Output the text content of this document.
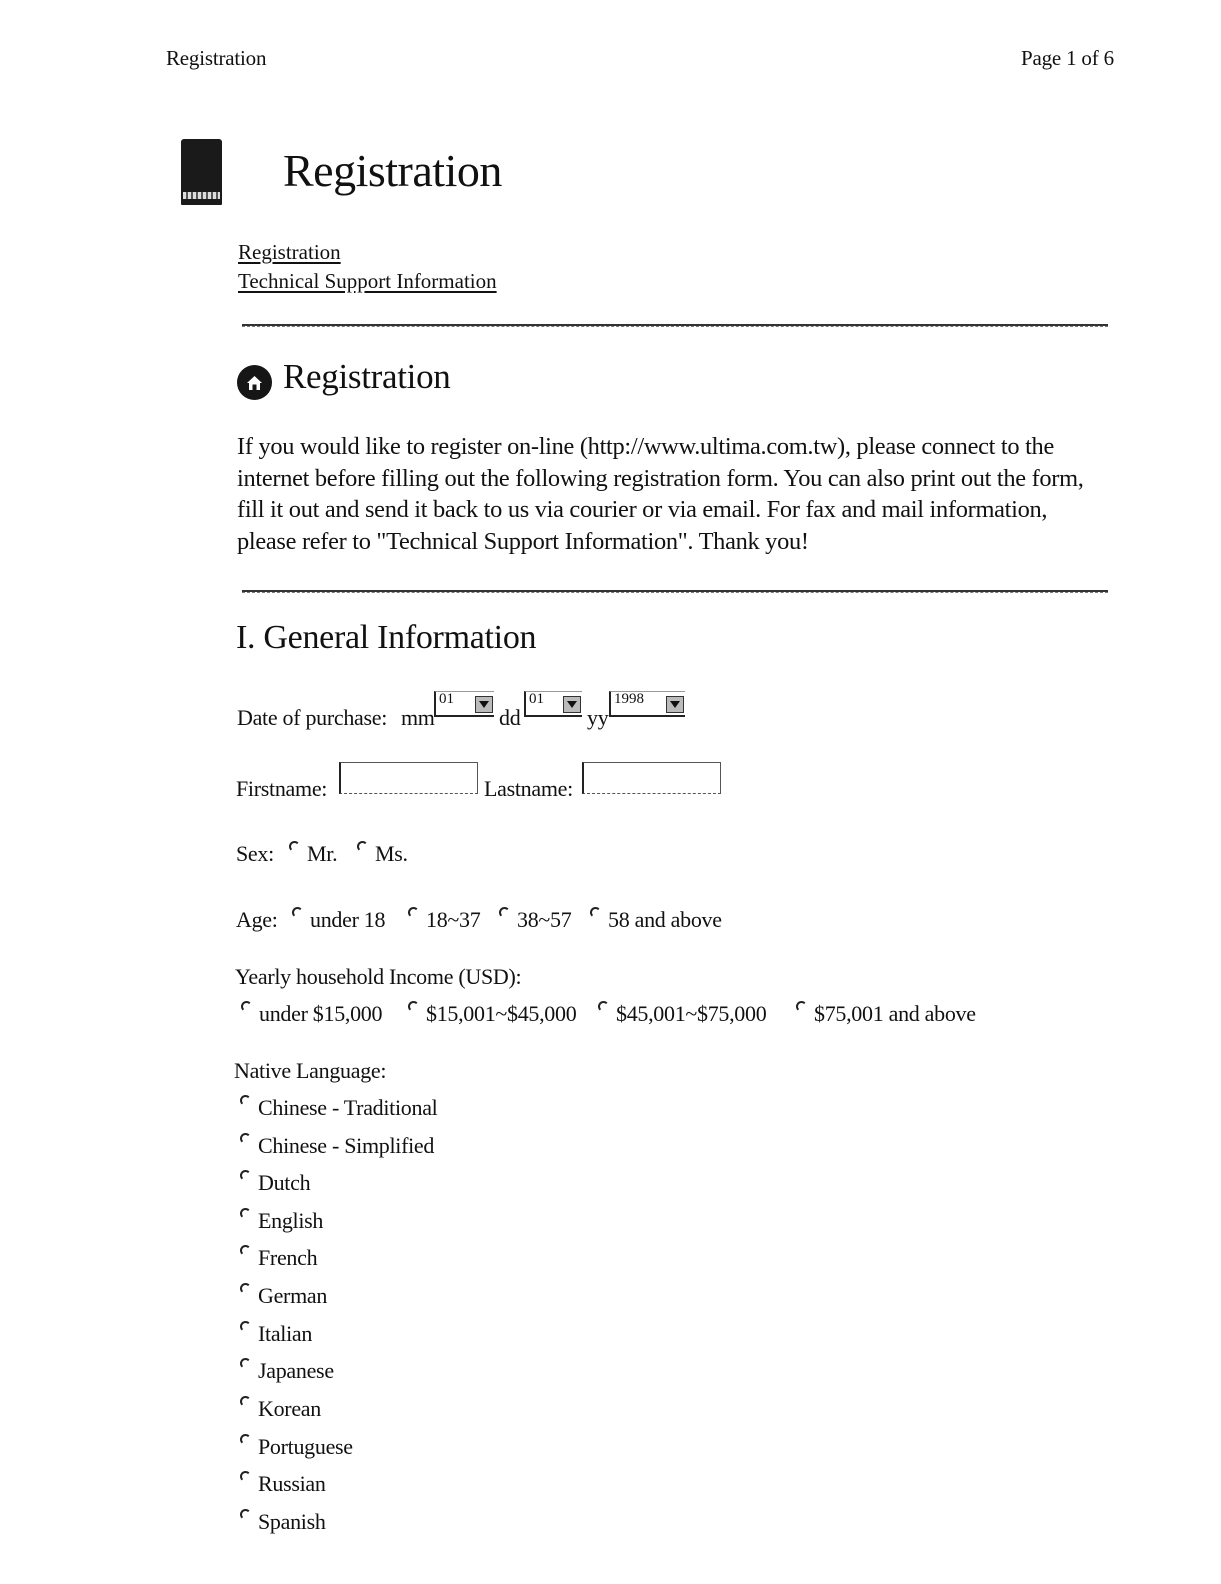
Registration	Page 1 of 6
Registration
Registration
Technical Support Information
Registration
If you would like to register on-line (http://www.ultima.com.tw), please connect to the internet before filling out the following registration form. You can also print out the form, fill it out and send it back to us via courier or via email. For fax and mail information, please refer to "Technical Support Information". Thank you!
I. General Information
Date of purchase: mm
01
dd
01
yy
1998
Firstname:	Lastname:
Sex:	Mr.	Ms.
Age:	under 18	18~37	38~57	58 and above
Yearly household Income (USD):
under $15,000	$15,001~$45,000	$45,001~$75,000	$75,001 and above
Native Language:
Chinese - Traditional
Chinese - Simplified
Dutch
English
French
German
Italian
Japanese
Korean
Portuguese
Russian
Spanish
